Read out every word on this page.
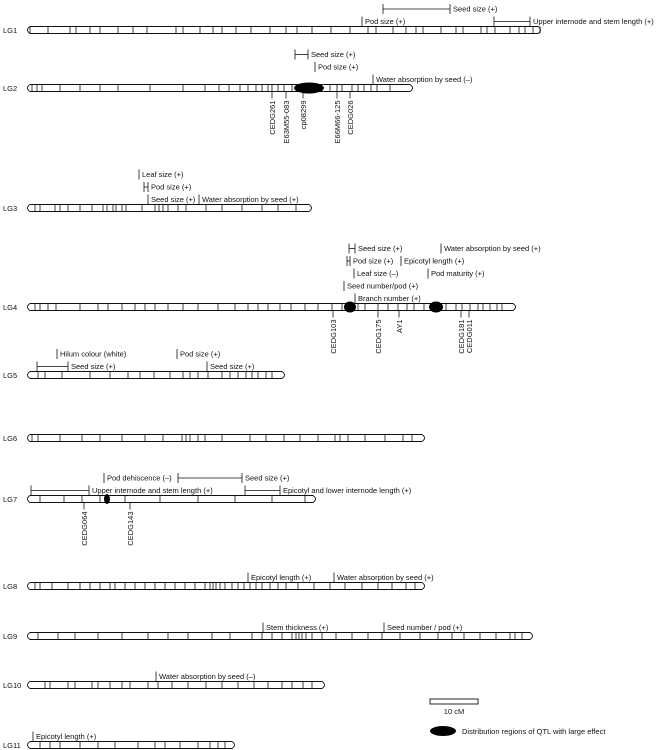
LG1
Seed size (+)
Pod size (+)	Upper internode and stem length (+)
LG2
CEDG261 E63M55-083 cp08299	E66M66-125 CEDG026
Seed size (+)
Pod size (+)
Water absorption by seed (–)
LG3
Leaf size (+)
Pod size (+)
Seed size (+) Water absorption by seed (+)
LG4
CEDG103	CEDG175 AY1	CEDG181 CEDG011
Seed size (+)	Water absorption by seed (+)
Pod size (+) Epicotyl length (+)
Leaf size (–)	Pod maturity (+)
Seed number/pod (+)
Branch number (+)
LG5
Hilum colour (white)	Pod size (+)
Seed size (+)	Seed size (+)
LG6
LG7
CEDG064	CEDG143
Pod dehiscence (–)	Seed size (+)
Upper internode and stem length (+)	Epicotyl and lower internode length (+)
LG8
Epicotyl length (+)	Water absorption by seed (+)
LG9
Stem thickness (+)	Seed number / pod (+)
LG10
Water absorption by seed (–)
LG11
Epicotyl length (+)
10 cM
Distribution regions of QTL with large effect
